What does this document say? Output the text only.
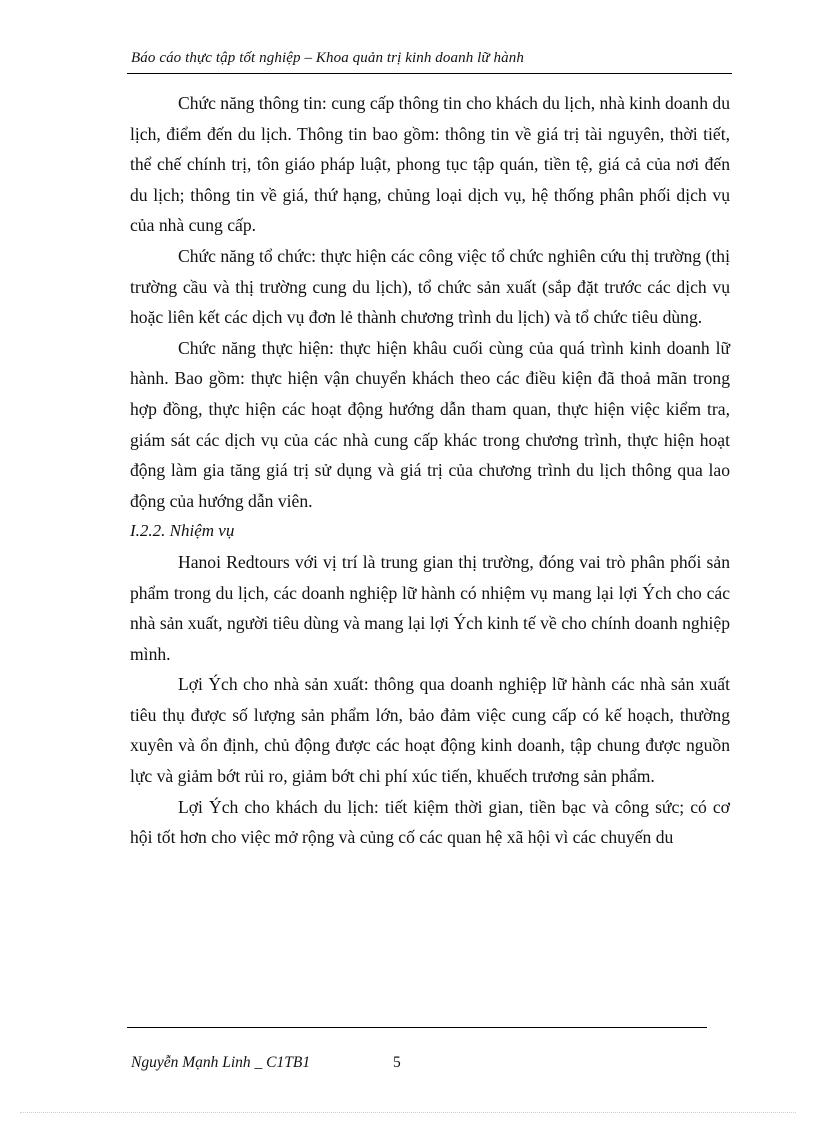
Báo cáo thực tập tốt nghiệp – Khoa quản trị kinh doanh lữ hành

Chức năng thông tin: cung cấp thông tin cho khách du lịch, nhà kinh doanh du lịch, điểm đến du lịch. Thông tin bao gồm: thông tin về giá trị tài nguyên, thời tiết, thể chế chính trị, tôn giáo pháp luật, phong tục tập quán, tiền tệ, giá cả của nơi đến du lịch; thông tin về giá, thứ hạng, chủng loại dịch vụ, hệ thống phân phối dịch vụ của nhà cung cấp.

Chức năng tổ chức: thực hiện các công việc tổ chức nghiên cứu thị trường (thị trường cầu và thị trường cung du lịch), tổ chức sản xuất (sắp đặt trước các dịch vụ hoặc liên kết các dịch vụ đơn lẻ thành chương trình du lịch) và tổ chức tiêu dùng.

Chức năng thực hiện: thực hiện khâu cuối cùng của quá trình kinh doanh lữ hành. Bao gồm: thực hiện vận chuyển khách theo các điều kiện đã thoả mãn trong hợp đồng, thực hiện các hoạt động hướng dẫn tham quan, thực hiện việc kiểm tra, giám sát các dịch vụ của các nhà cung cấp khác trong chương trình, thực hiện hoạt động làm gia tăng giá trị sử dụng và giá trị của chương trình du lịch thông qua lao động của hướng dẫn viên.

I.2.2. Nhiệm vụ

Hanoi Redtours với vị trí là trung gian thị trường, đóng vai trò phân phối sản phẩm trong du lịch, các doanh nghiệp lữ hành có nhiệm vụ mang lại lợi Ých cho các nhà sản xuất, người tiêu dùng và mang lại lợi Ých kinh tế về cho chính doanh nghiệp mình.

Lợi Ých cho nhà sản xuất: thông qua doanh nghiệp lữ hành các nhà sản xuất tiêu thụ được số lượng sản phẩm lớn, bảo đảm việc cung cấp có kế hoạch, thường xuyên và ổn định, chủ động được các hoạt động kinh doanh, tập chung được nguồn lực và giảm bớt rủi ro, giảm bớt chi phí xúc tiến, khuếch trương sản phẩm.

Lợi Ých cho khách du lịch: tiết kiệm thời gian, tiền bạc và công sức; có cơ hội tốt hơn cho việc mở rộng và củng cố các quan hệ xã hội vì các chuyến du

Nguyễn Mạnh Linh _ C1TB1	5
